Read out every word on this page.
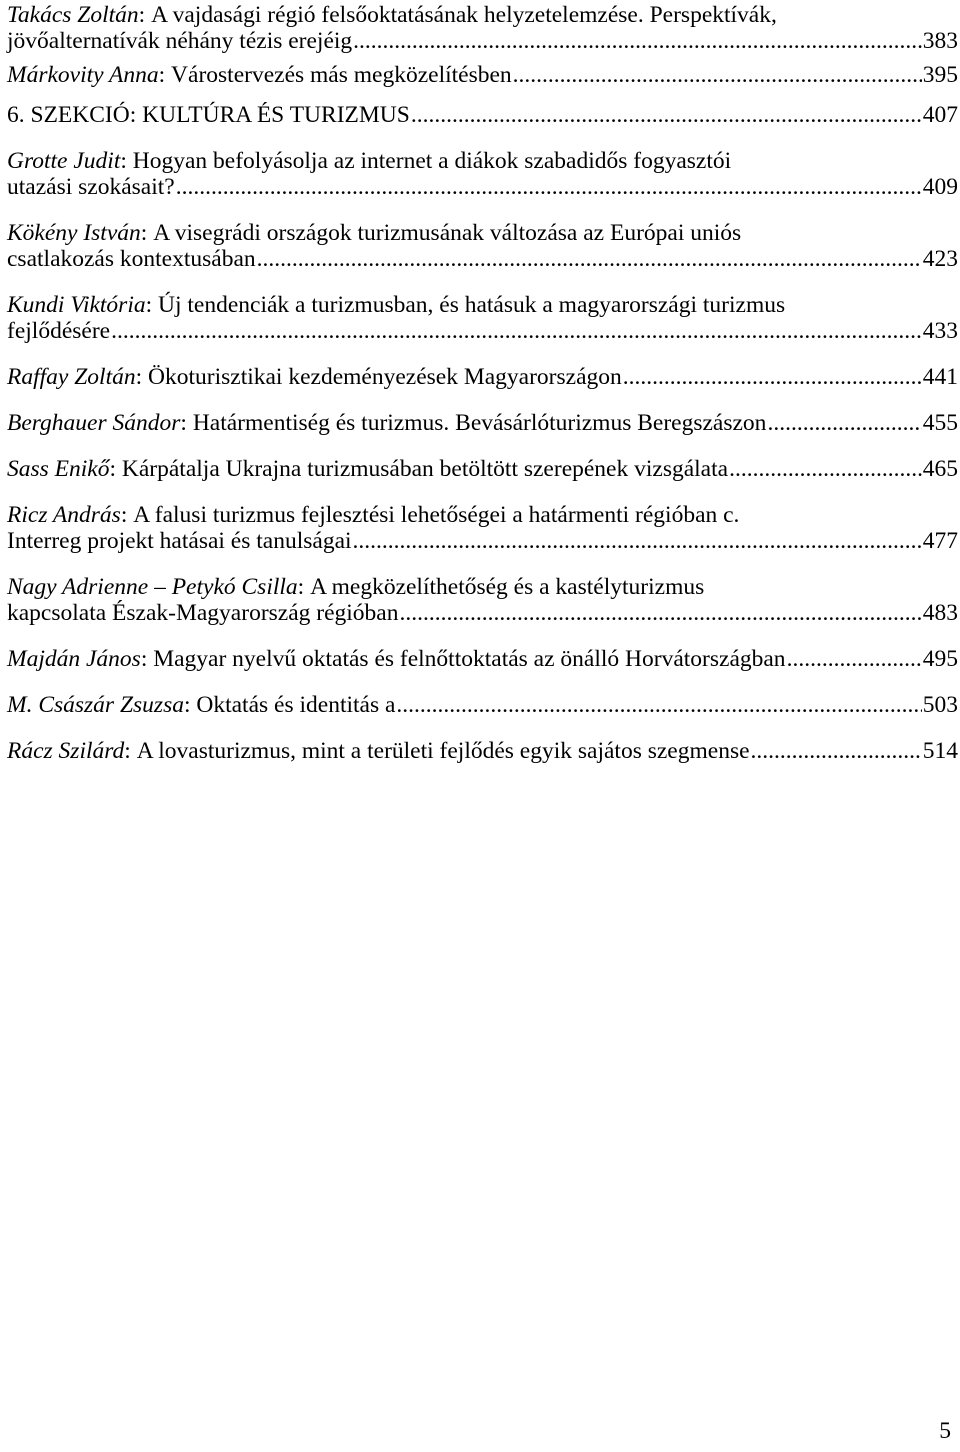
Takács Zoltán : A vajdasági régió felsőoktatásának helyzetelemzése. Perspektívák,
jövőalternatívák néhány tézis erejéig .....	383
Márkovity Anna : Várostervezés más megközelítésben .....	395
6. SZEKCIÓ: KULTÚRA ÉS TURIZMUS .....	407
Grotte Judit : Hogyan befolyásolja az internet a diákok szabadidős fogyasztói
utazási szokásait? .....	409
Kökény István : A visegrádi országok turizmusának változása az Európai uniós
csatlakozás kontextusában .....	423
Kundi Viktória : Új tendenciák a turizmusban, és hatásuk a magyarországi turizmus
fejlődésére .....	433
Raffay Zoltán : Ökoturisztikai kezdeményezések Magyarországon .....	441
Berghauer Sándor : Határmentiség és turizmus. Bevásárlóturizmus Beregszászon .....	455
Sass Enikő : Kárpátalja Ukrajna turizmusában betöltött szerepének vizsgálata .....	465
Ricz András : A falusi turizmus fejlesztési lehetőségei a határmenti régióban c.
Interreg projekt hatásai és tanulságai .....	477
Nagy Adrienne – Petykó Csilla : A megközelíthetőség és a kastélyturizmus
kapcsolata Észak-Magyarország régióban .....	483
Majdán János : Magyar nyelvű oktatás és felnőttoktatás az önálló Horvátországban .....	495
M. Császár Zsuzsa : Oktatás és identitás a .....	503
Rácz Szilárd : A lovasturizmus, mint a területi fejlődés egyik sajátos szegmense .....	514
5
